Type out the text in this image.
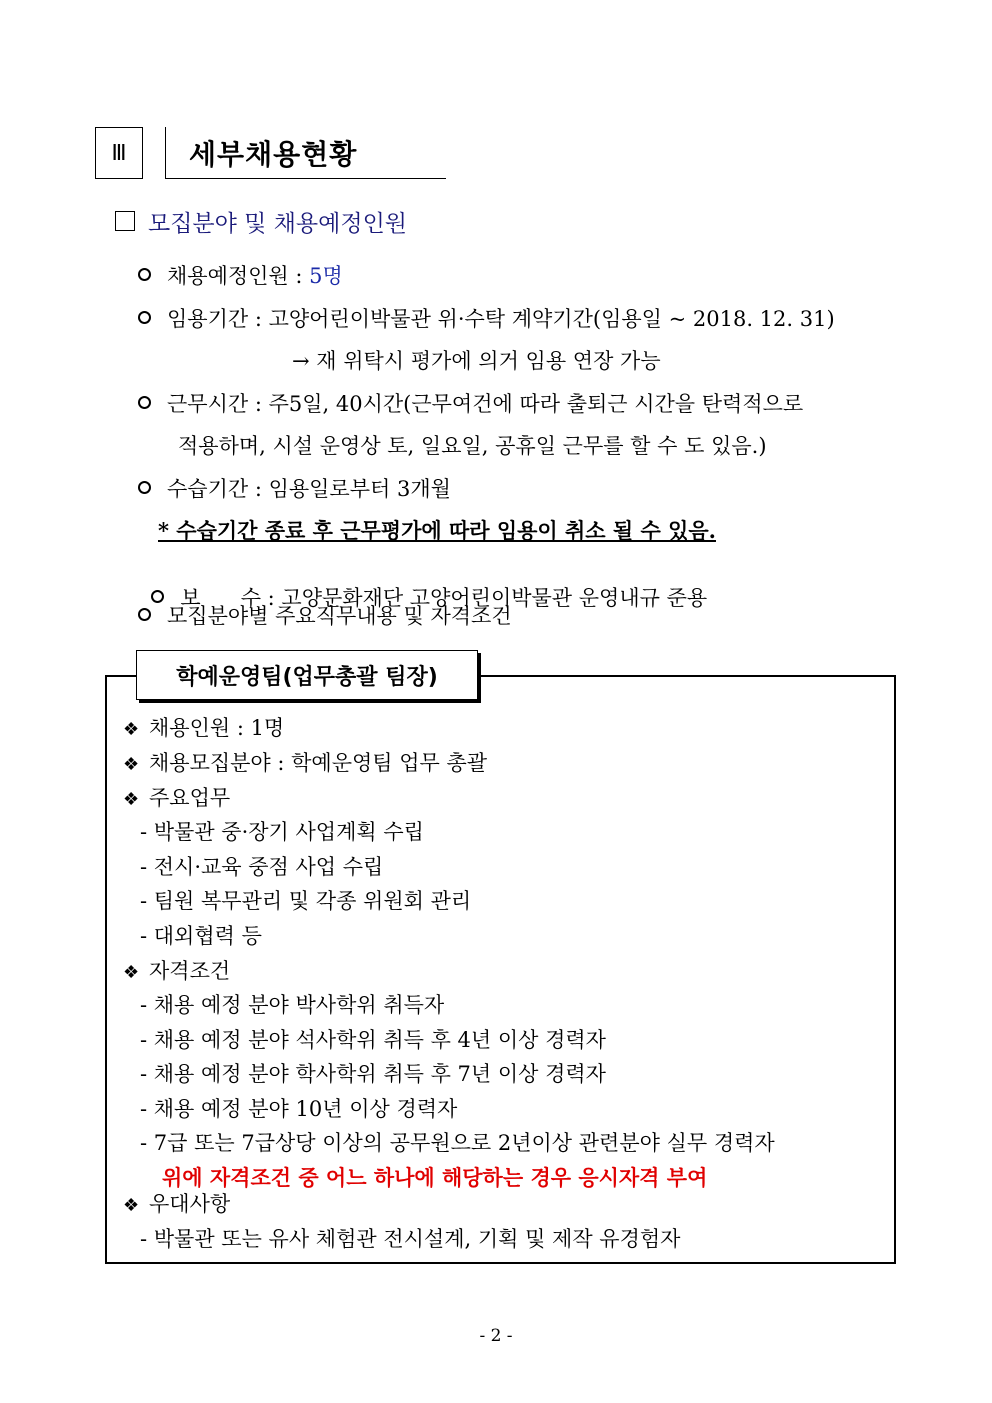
Ⅲ	세부채용현황
모집분야 및 채용예정인원
채용예정인원 : 5명
임용기간 : 고양어린이박물관 위·수탁 계약기간(임용일 ~ 2018. 12. 31)
→ 재 위탁시 평가에 의거 임용 연장 가능
근무시간 : 주5일, 40시간(근무여건에 따라 출퇴근 시간을 탄력적으로
적용하며, 시설 운영상 토, 일요일, 공휴일 근무를 할 수 도 있음.)
수습기간 : 임용일로부터 3개월
* 수습기간 종료 후 근무평가에 따라 임용이 취소 될 수 있음.

보      수 : 고양문화재단 고양어린이박물관 운영내규 준용

모집분야별 주요직무내용 및 자격조건
학예운영팀(업무총괄 팀장)
❖ 채용인원 : 1명
❖ 채용모집분야 : 학예운영팀 업무 총괄
❖ 주요업무
- 박물관 중·장기 사업계획 수립
- 전시·교육 중점 사업 수립
- 팀원 복무관리 및 각종 위원회 관리
- 대외협력 등
❖ 자격조건
- 채용 예정 분야 박사학위 취득자
- 채용 예정 분야 석사학위 취득 후 4년 이상 경력자
- 채용 예정 분야 학사학위 취득 후 7년 이상 경력자
- 채용 예정 분야 10년 이상 경력자
- 7급 또는 7급상당 이상의 공무원으로 2년이상 관련분야 실무 경력자
위에 자격조건 중 어느 하나에 해당하는 경우 응시자격 부여
❖ 우대사항
- 박물관 또는 유사 체험관 전시설계, 기획 및 제작 유경험자
- 2 -
